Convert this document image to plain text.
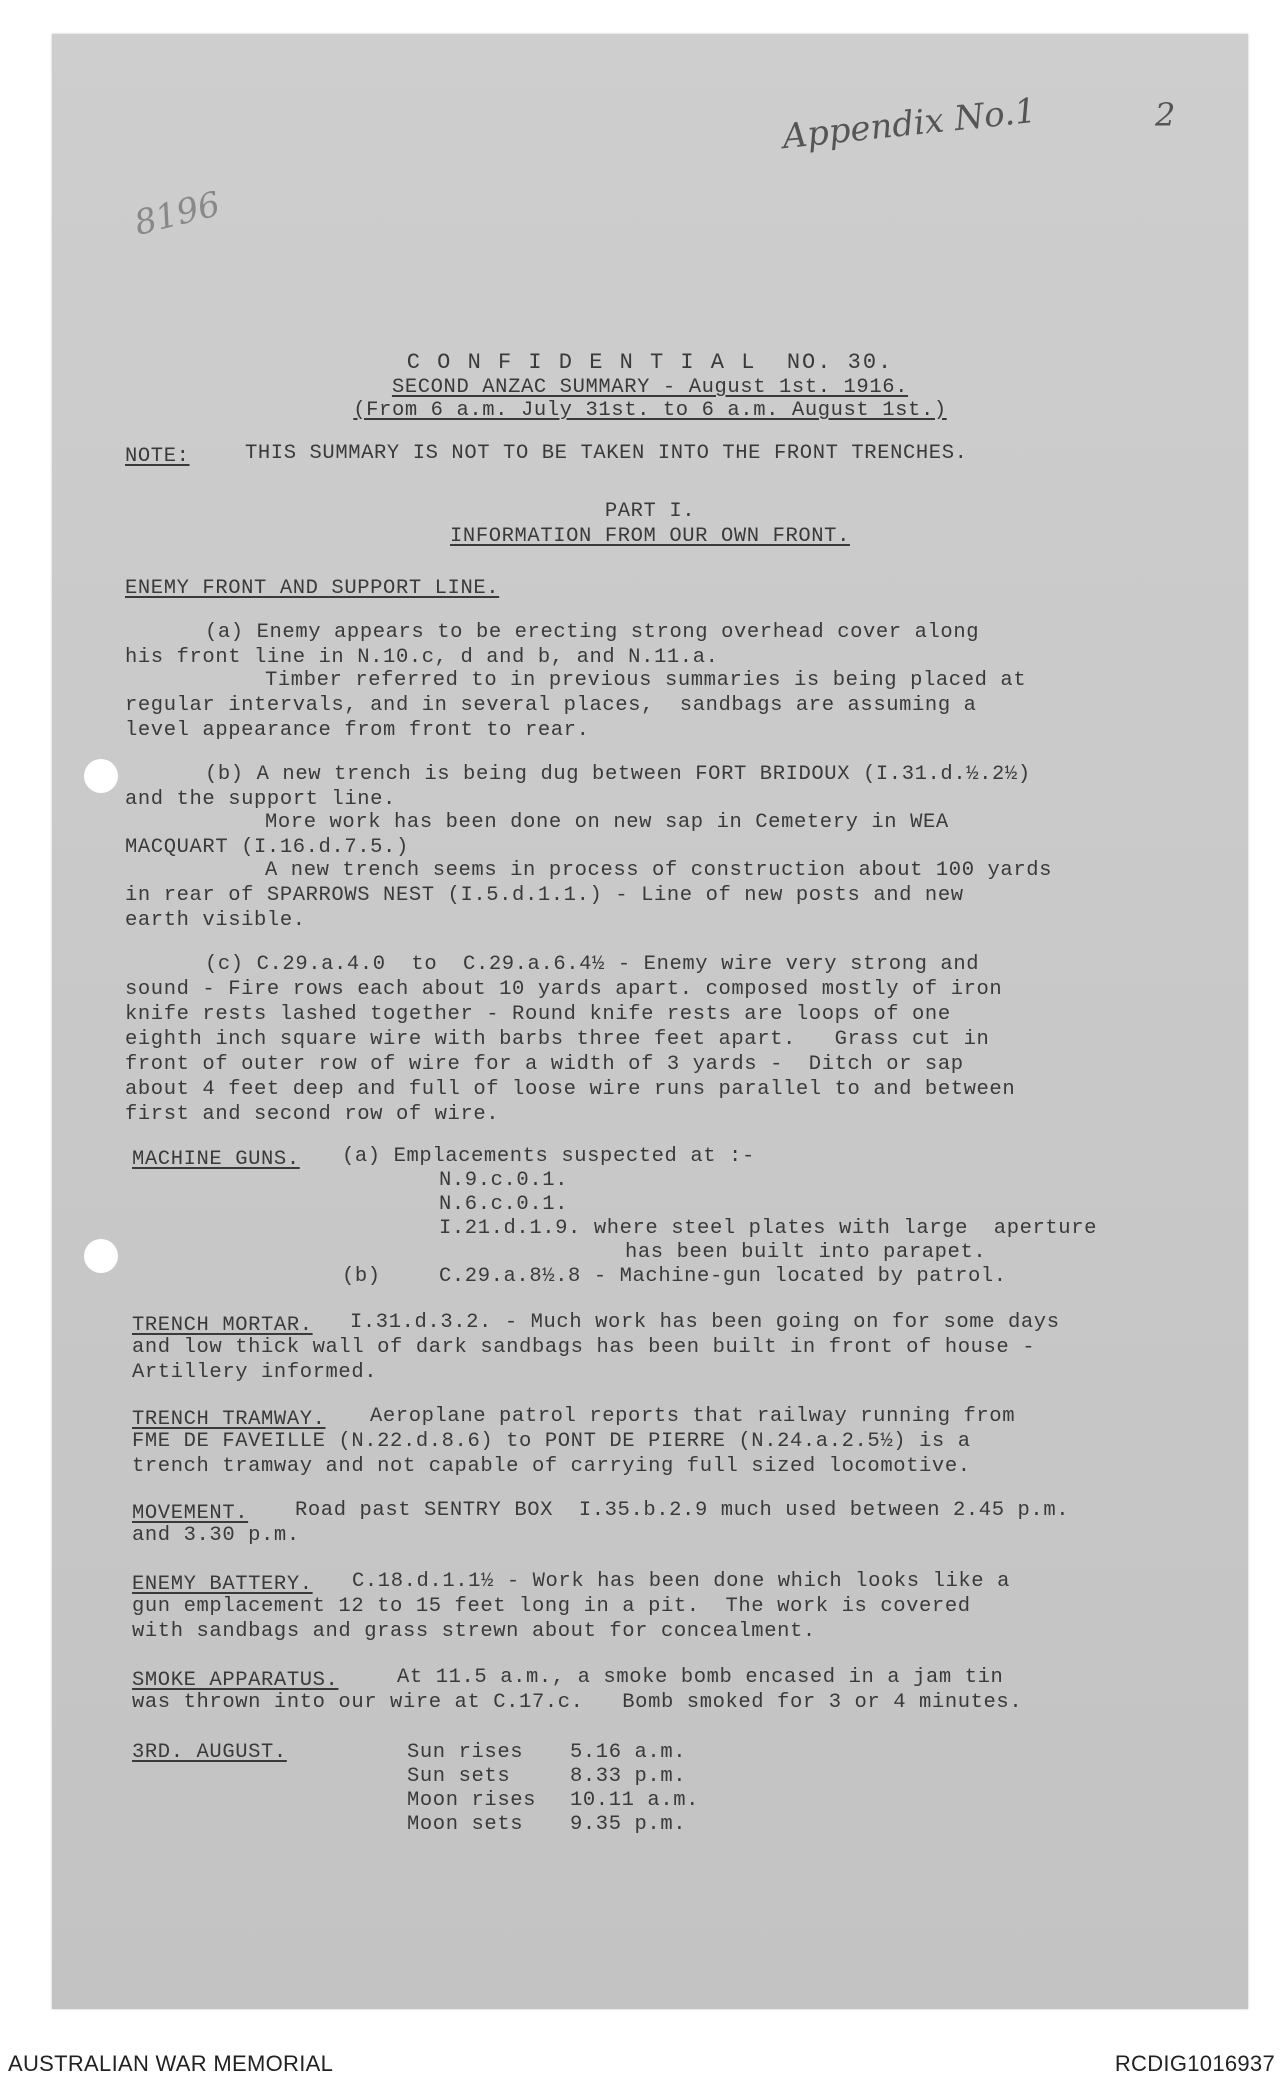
Appendix No.1	2
8196
C O N F I D E N T I A L  NO. 30.
SECOND ANZAC SUMMARY - August 1st. 1916.
(From 6 a.m. July 31st. to 6 a.m. August 1st.)
NOTE:	THIS SUMMARY IS NOT TO BE TAKEN INTO THE FRONT TRENCHES.
PART I.
INFORMATION FROM OUR OWN FRONT.
ENEMY FRONT AND SUPPORT LINE.
(a) Enemy appears to be erecting strong overhead cover along
his front line in N.10.c, d and b, and N.11.a.
Timber referred to in previous summaries is being placed at
regular intervals, and in several places,  sandbags are assuming a
level appearance from front to rear.
(b) A new trench is being dug between FORT BRIDOUX (I.31.d.½.2½)
and the support line.
More work has been done on new sap in Cemetery in WEA
MACQUART (I.16.d.7.5.)
A new trench seems in process of construction about 100 yards
in rear of SPARROWS NEST (I.5.d.1.1.) - Line of new posts and new
earth visible.
(c) C.29.a.4.0  to  C.29.a.6.4½ - Enemy wire very strong and
sound - Fire rows each about 10 yards apart. composed mostly of iron
knife rests lashed together - Round knife rests are loops of one
eighth inch square wire with barbs three feet apart.   Grass cut in
front of outer row of wire for a width of 3 yards -  Ditch or sap
about 4 feet deep and full of loose wire runs parallel to and between
first and second row of wire.
MACHINE GUNS. (a) Emplacements suspected at :-
N.9.c.0.1.
N.6.c.0.1.
I.21.d.1.9. where steel plates with large  aperture
has been built into parapet.
(b)	C.29.a.8½.8 - Machine-gun located by patrol.
TRENCH MORTAR. I.31.d.3.2. - Much work has been going on for some days
and low thick wall of dark sandbags has been built in front of house -
Artillery informed.
TRENCH TRAMWAY. Aeroplane patrol reports that railway running from
FME DE FAVEILLE (N.22.d.8.6) to PONT DE PIERRE (N.24.a.2.5½) is a
trench tramway and not capable of carrying full sized locomotive.
MOVEMENT. Road past SENTRY BOX  I.35.b.2.9 much used between 2.45 p.m.
and 3.30 p.m.
ENEMY BATTERY. C.18.d.1.1½ - Work has been done which looks like a
gun emplacement 12 to 15 feet long in a pit.  The work is covered
with sandbags and grass strewn about for concealment.
SMOKE APPARATUS.	At 11.5 a.m., a smoke bomb encased in a jam tin
was thrown into our wire at C.17.c.   Bomb smoked for 3 or 4 minutes.
3RD. AUGUST.	Sun rises 5.16 a.m.
Sun sets	8.33 p.m.
Moon rises 10.11 a.m.
Moon sets 9.35 p.m.
AUSTRALIAN WAR MEMORIAL	RCDIG1016937
